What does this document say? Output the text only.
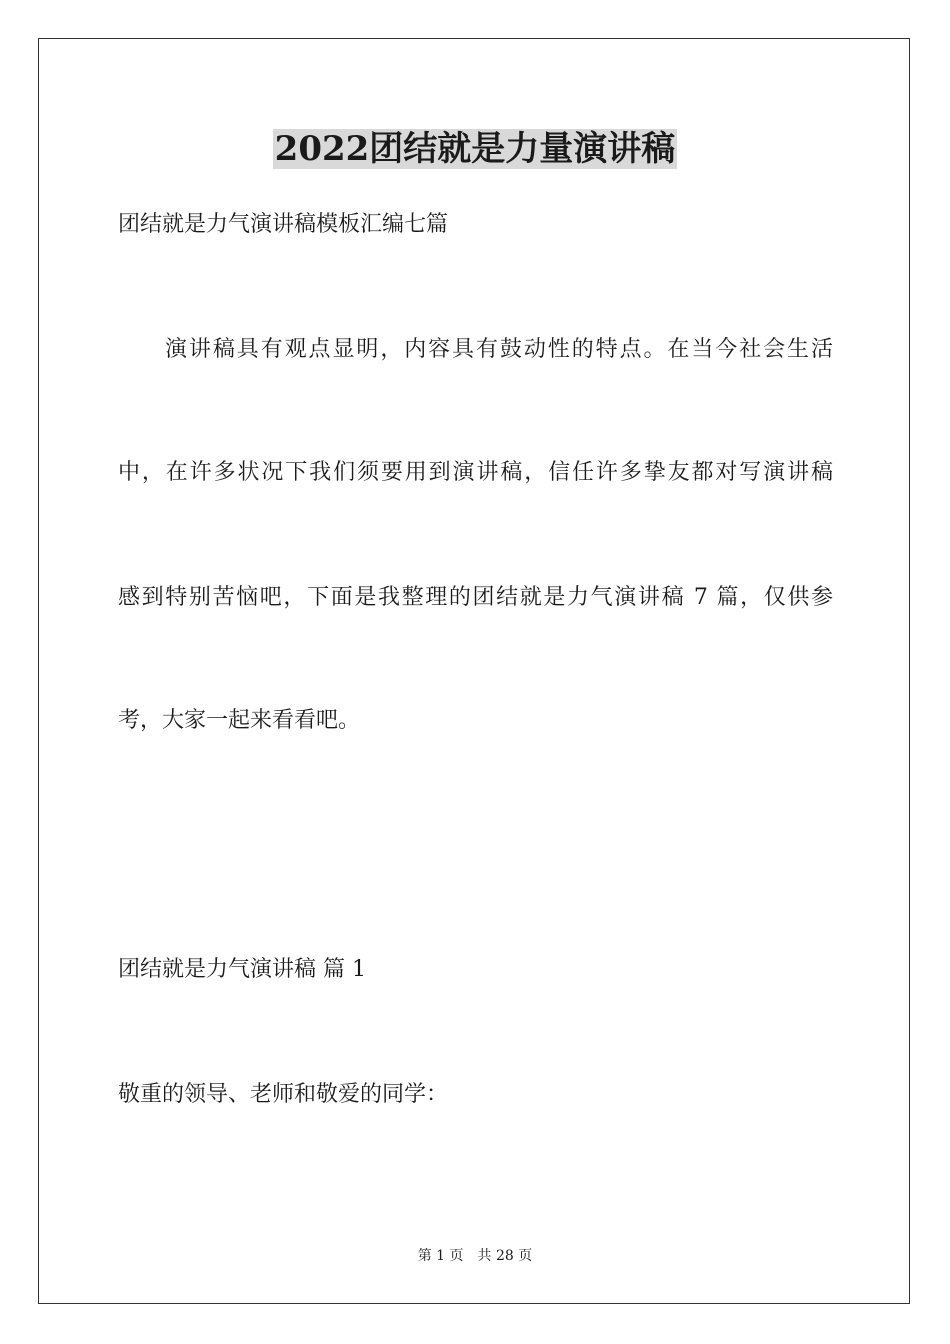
2022团结就是力量演讲稿
团结就是力气演讲稿模板汇编七篇
演讲稿具有观点显明，内容具有鼓动性的特点。在当今社会生活
中，在许多状况下我们须要用到演讲稿，信任许多挚友都对写演讲稿
感到特别苦恼吧，下面是我整理的团结就是力气演讲稿 7 篇，仅供参
考，大家一起来看看吧。
团结就是力气演讲稿 篇 1
敬重的领导、老师和敬爱的同学：
第 1 页 共 28 页
